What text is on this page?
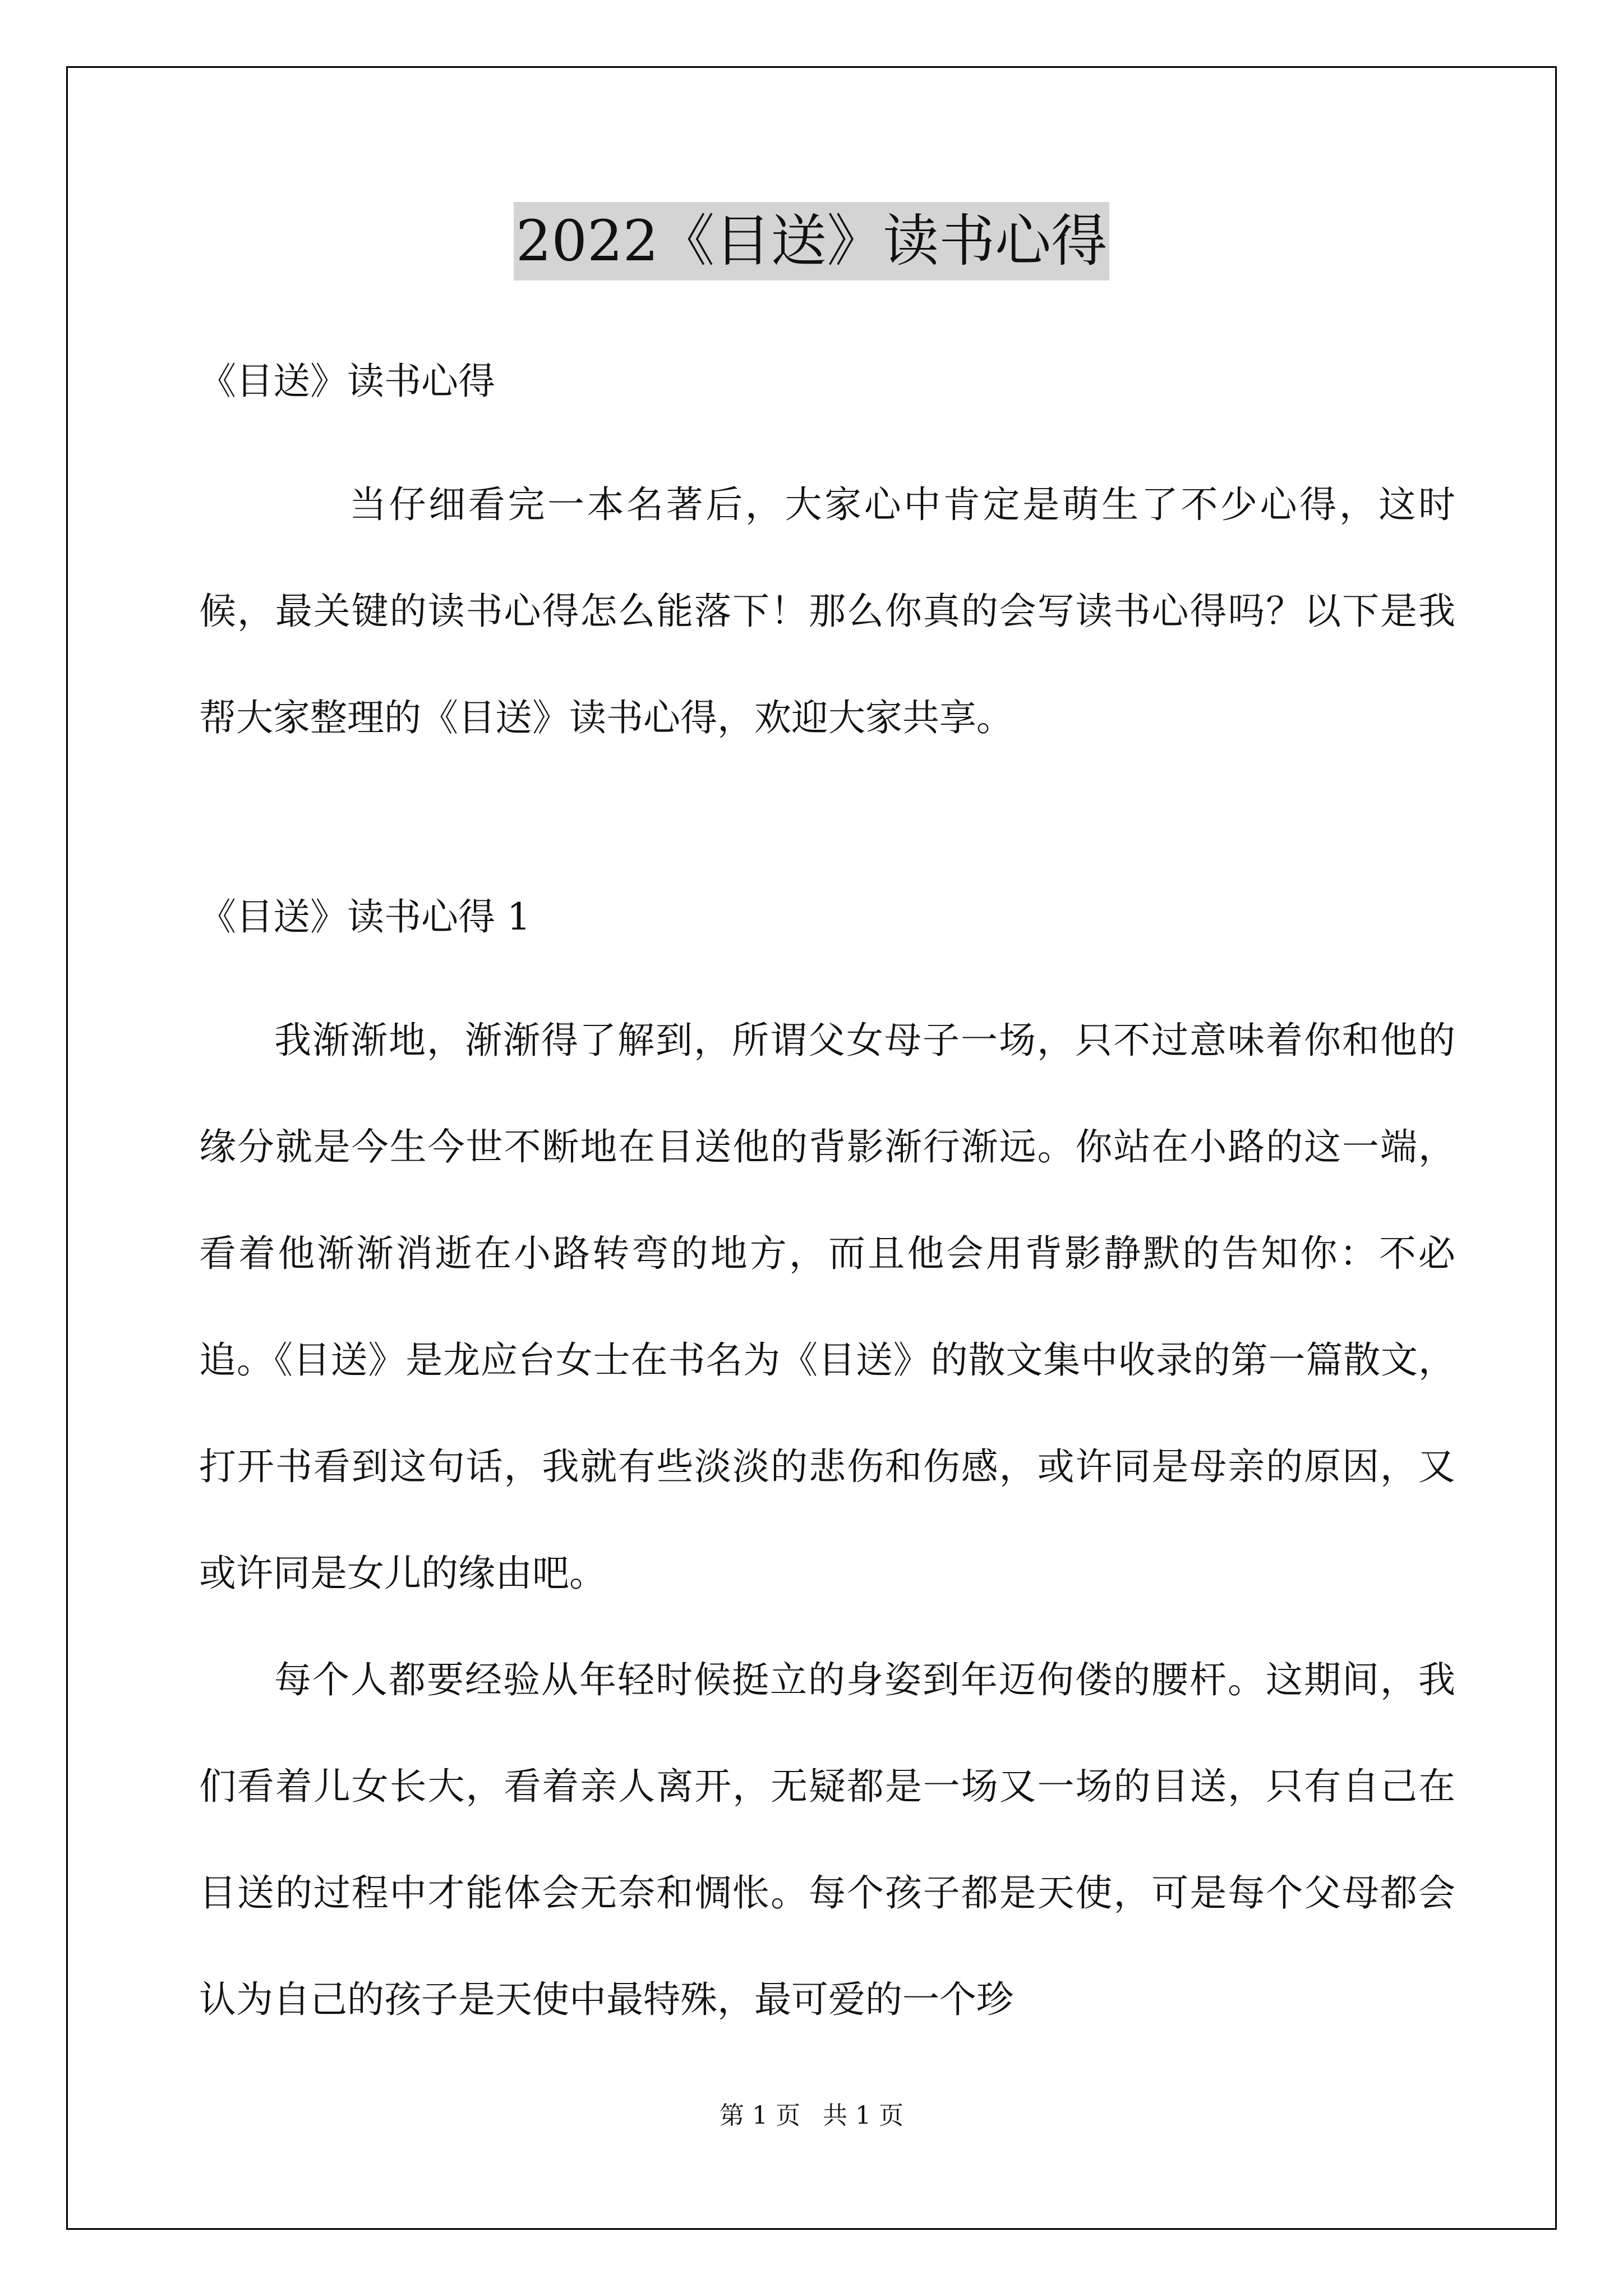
2022《目送》读书心得
《目送》读书心得
当仔细看完一本名著后，大家心中肯定是萌生了不少心得，这时候，最关键的读书心得怎么能落下！那么你真的会写读书心得吗？以下是我帮大家整理的《目送》读书心得，欢迎大家共享。
《目送》读书心得 1
我渐渐地，渐渐得了解到，所谓父女母子一场，只不过意味着你和他的缘分就是今生今世不断地在目送他的背影渐行渐远。你站在小路的这一端，看着他渐渐消逝在小路转弯的地方，而且他会用背影静默的告知你：不必追。《目送》是龙应台女士在书名为《目送》的散文集中收录的第一篇散文，打开书看到这句话，我就有些淡淡的悲伤和伤感，或许同是母亲的原因，又或许同是女儿的缘由吧。
每个人都要经验从年轻时候挺立的身姿到年迈佝偻的腰杆。这期间，我们看着儿女长大，看着亲人离开，无疑都是一场又一场的目送，只有自己在目送的过程中才能体会无奈和惆怅。每个孩子都是天使，可是每个父母都会认为自己的孩子是天使中最特殊，最可爱的一个珍
第 1 页 共 1 页
